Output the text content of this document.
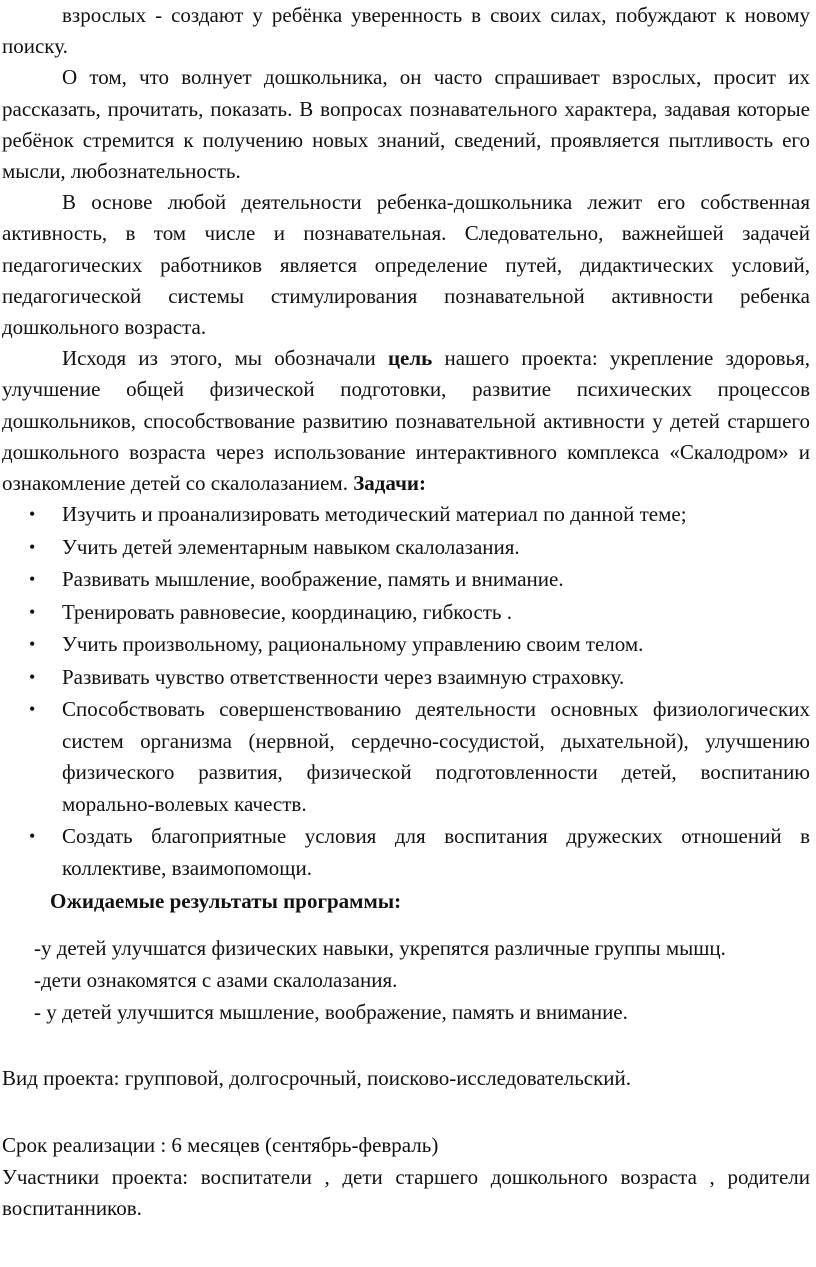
взрослых - создают у ребёнка уверенность в своих силах, побуждают к новому поиску.

О том, что волнует дошкольника, он часто спрашивает взрослых, просит их рассказать, прочитать, показать. В вопросах познавательного характера, задавая которые ребёнок стремится к получению новых знаний, сведений, проявляется пытливость его мысли, любознательность.

В основе любой деятельности ребенка-дошкольника лежит его собственная активность, в том числе и познавательная. Следовательно, важнейшей задачей педагогических работников является определение путей, дидактических условий, педагогической системы стимулирования познавательной активности ребенка дошкольного возраста.

Исходя из этого, мы обозначали цель нашего проекта: укрепление здоровья, улучшение общей физической подготовки, развитие психических процессов дошкольников, способствование развитию познавательной активности у детей старшего дошкольного возраста через использование интерактивного комплекса «Скалодром» и ознакомление детей со скалолазанием. Задачи:

• Изучить и проанализировать методический материал по данной теме;
• Учить детей элементарным навыком скалолазания.
• Развивать мышление, воображение, память и внимание.
• Тренировать равновесие, координацию, гибкость .
• Учить произвольному, рациональному управлению своим телом.
• Развивать чувство ответственности через взаимную страховку.
• Способствовать совершенствованию деятельности основных физиологических систем организма (нервной, сердечно-сосудистой, дыхательной), улучшению физического развития, физической подготовленности детей, воспитанию морально-волевых качеств.
• Создать благоприятные условия для воспитания дружеских отношений в коллективе, взаимопомощи.

Ожидаемые результаты программы:

-у детей улучшатся физических навыки, укрепятся различные группы мышц.

-дети ознакомятся с азами скалолазания.

- у детей улучшится мышление, воображение, память и внимание.

Вид проекта: групповой, долгосрочный, поисково-исследовательский.

Срок реализации : 6 месяцев (сентябрь-февраль)

Участники проекта: воспитатели , дети старшего дошкольного возраста , родители воспитанников.
